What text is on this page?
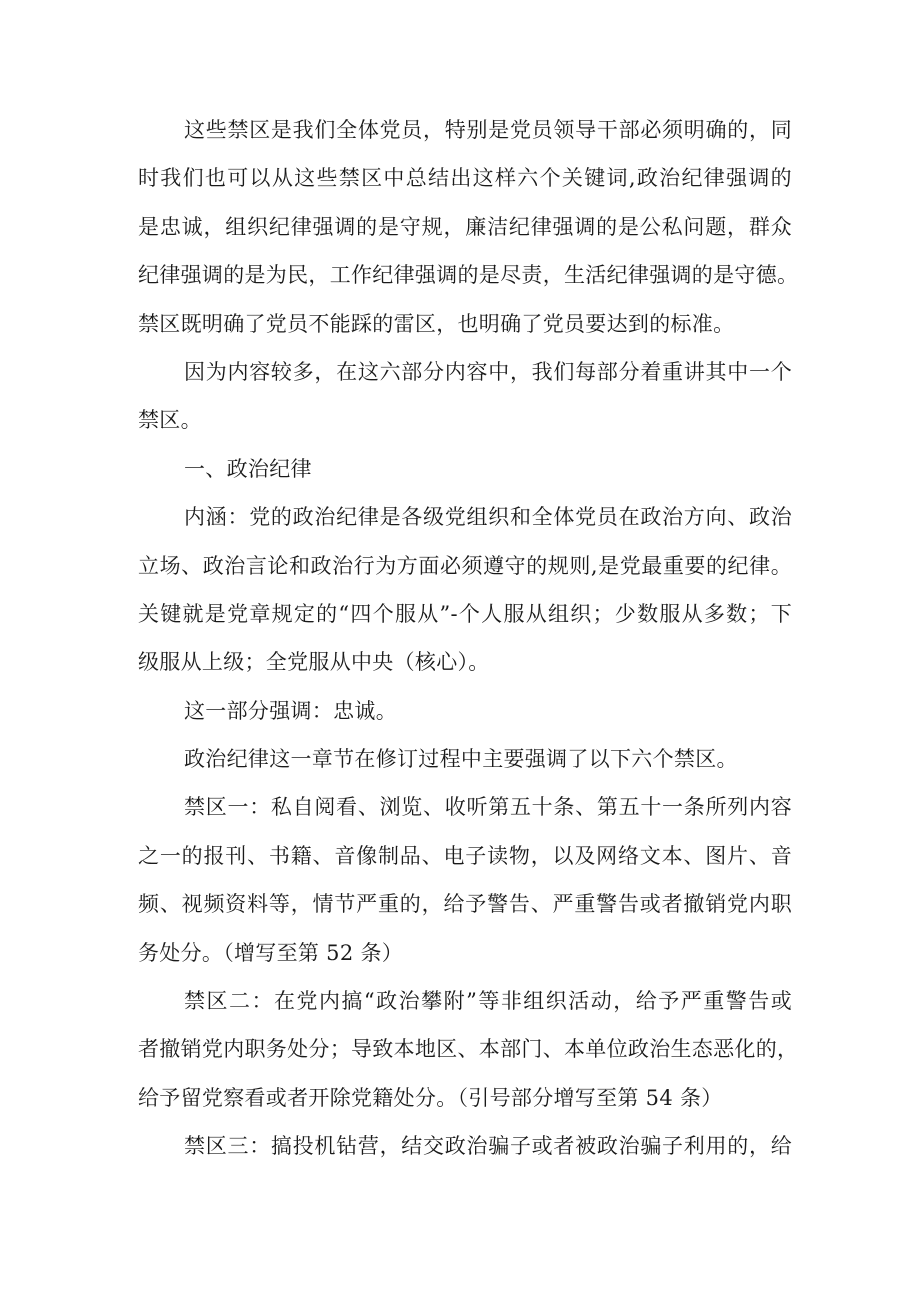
这些禁区是我们全体党员，特别是党员领导干部必须明确的，同
时我们也可以从这些禁区中总结出这样六个关键词,政治纪律强调的
是忠诚，组织纪律强调的是守规，廉洁纪律强调的是公私问题，群众
纪律强调的是为民，工作纪律强调的是尽责，生活纪律强调的是守德。
禁区既明确了党员不能踩的雷区，也明确了党员要达到的标准。
因为内容较多，在这六部分内容中，我们每部分着重讲其中一个
禁区。
一、政治纪律
内涵：党的政治纪律是各级党组织和全体党员在政治方向、政治
立场、政治言论和政治行为方面必须遵守的规则,是党最重要的纪律。
关键就是党章规定的“四个服从”-个人服从组织；少数服从多数；下
级服从上级；全党服从中央（核心）。
这一部分强调：忠诚。
政治纪律这一章节在修订过程中主要强调了以下六个禁区。
禁区一：私自阅看、浏览、收听第五十条、第五十一条所列内容
之一的报刊、书籍、音像制品、电子读物，以及网络文本、图片、音
频、视频资料等，情节严重的，给予警告、严重警告或者撤销党内职
务处分。（增写至第 52 条）
禁区二：在党内搞“政治攀附”等非组织活动，给予严重警告或
者撤销党内职务处分；导致本地区、本部门、本单位政治生态恶化的，
给予留党察看或者开除党籍处分。（引号部分增写至第 54 条）
禁区三：搞投机钻营，结交政治骗子或者被政治骗子利用的，给
